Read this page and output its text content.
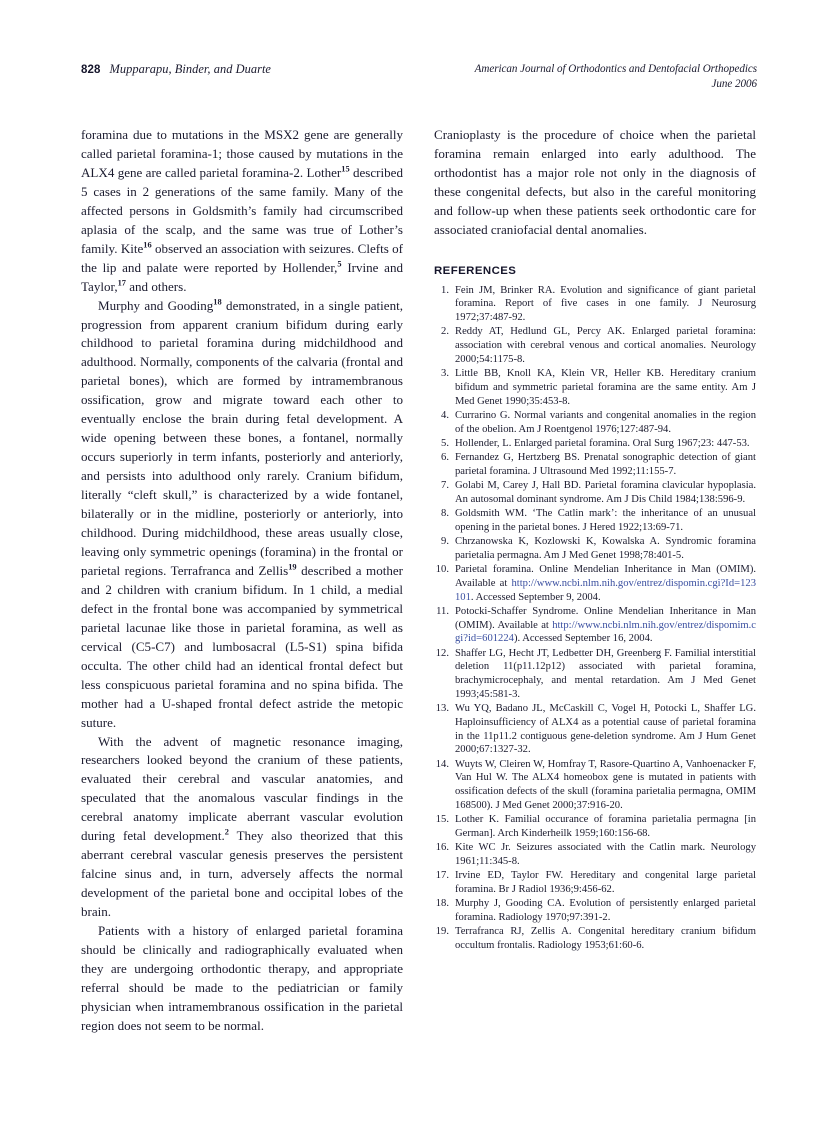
828 Mupparapu, Binder, and Duarte	American Journal of Orthodontics and Dentofacial Orthopedics
June 2006

foramina due to mutations in the MSX2 gene are generally called parietal foramina-1; those caused by mutations in the ALX4 gene are called parietal foramina-2. Lother$^{15}$ described 5 cases in 2 generations of the same family. Many of the affected persons in Goldsmith’s family had circumscribed aplasia of the scalp, and the same was true of Lother’s family. Kite$^{16}$ observed an association with seizures. Clefts of the lip and palate were reported by Hollender,$^5$ Irvine and Taylor,$^{17}$ and others.

Murphy and Gooding$^{18}$ demonstrated, in a single patient, progression from apparent cranium bifidum during early childhood to parietal foramina during midchildhood and adulthood. Normally, components of the calvaria (frontal and parietal bones), which are formed by intramembranous ossification, grow and migrate toward each other to eventually enclose the brain during fetal development. A wide opening between these bones, a fontanel, normally occurs superiorly in term infants, posteriorly and anteriorly, and persists into adulthood only rarely. Cranium bifidum, literally “cleft skull,” is characterized by a wide fontanel, bilaterally or in the midline, posteriorly or anteriorly, into childhood. During midchildhood, these areas usually close, leaving only symmetric openings (foramina) in the frontal or parietal regions. Terrafranca and Zellis$^{19}$ described a mother and 2 children with cranium bifidum. In 1 child, a medial defect in the frontal bone was accompanied by symmetrical parietal lacunae like those in parietal foramina, as well as cervical (C5-C7) and lumbosacral (L5-S1) spina bifida occulta. The other child had an identical frontal defect but less conspicuous parietal foramina and no spina bifida. The mother had a U-shaped frontal defect astride the metopic suture.

With the advent of magnetic resonance imaging, researchers looked beyond the cranium of these patients, evaluated their cerebral and vascular anatomies, and speculated that the anomalous vascular findings in the cerebral anatomy implicate aberrant vascular evolution during fetal development.$^2$ They also theorized that this aberrant cerebral vascular genesis preserves the persistent falcine sinus and, in turn, adversely affects the normal development of the parietal bone and occipital lobes of the brain.

Patients with a history of enlarged parietal foramina should be clinically and radiographically evaluated when they are undergoing orthodontic therapy, and appropriate referral should be made to the pediatrician or family physician when intramembranous ossification in the parietal region does not seem to be normal.

Cranioplasty is the procedure of choice when the parietal foramina remain enlarged into early adulthood. The orthodontist has a major role not only in the diagnosis of these congenital defects, but also in the careful monitoring and follow-up when these patients seek orthodontic care for associated craniofacial dental anomalies.

REFERENCES
Fein JM, Brinker RA. Evolution and significance of giant parietal foramina. Report of five cases in one family. J Neurosurg 1972;37:487-92.
Reddy AT, Hedlund GL, Percy AK. Enlarged parietal foramina: association with cerebral venous and cortical anomalies. Neurology 2000;54:1175-8.
Little BB, Knoll KA, Klein VR, Heller KB. Hereditary cranium bifidum and symmetric parietal foramina are the same entity. Am J Med Genet 1990;35:453-8.
Currarino G. Normal variants and congenital anomalies in the region of the obelion. Am J Roentgenol 1976;127:487-94.
Hollender, L. Enlarged parietal foramina. Oral Surg 1967;23: 447-53.
Fernandez G, Hertzberg BS. Prenatal sonographic detection of giant parietal foramina. J Ultrasound Med 1992;11:155-7.
Golabi M, Carey J, Hall BD. Parietal foramina clavicular hypoplasia. An autosomal dominant syndrome. Am J Dis Child 1984;138:596-9.
Goldsmith WM. ‘The Catlin mark’: the inheritance of an unusual opening in the parietal bones. J Hered 1922;13:69-71.
Chrzanowska K, Kozlowski K, Kowalska A. Syndromic foramina parietalia permagna. Am J Med Genet 1998;78:401-5.
Parietal foramina. Online Mendelian Inheritance in Man (OMIM). Available at http://www.ncbi.nlm.nih.gov/entrez/dispomin.cgi?Id=123101. Accessed September 9, 2004.
Potocki-Schaffer Syndrome. Online Mendelian Inheritance in Man (OMIM). Available at http://www.ncbi.nlm.nih.gov/entrez/dispomim.cgi?id=601224). Accessed September 16, 2004.
Shaffer LG, Hecht JT, Ledbetter DH, Greenberg F. Familial interstitial deletion 11(p11.12p12) associated with parietal foramina, brachymicrocephaly, and mental retardation. Am J Med Genet 1993;45:581-3.
Wu YQ, Badano JL, McCaskill C, Vogel H, Potocki L, Shaffer LG. Haploinsufficiency of ALX4 as a potential cause of parietal foramina in the 11p11.2 contiguous gene-deletion syndrome. Am J Hum Genet 2000;67:1327-32.
Wuyts W, Cleiren W, Homfray T, Rasore-Quartino A, Vanhoenacker F, Van Hul W. The ALX4 homeobox gene is mutated in patients with ossification defects of the skull (foramina parietalia permagna, OMIM 168500). J Med Genet 2000;37:916-20.
Lother K. Familial occurance of foramina parietalia permagna [in German]. Arch Kinderheilk 1959;160:156-68.
Kite WC Jr. Seizures associated with the Catlin mark. Neurology 1961;11:345-8.
Irvine ED, Taylor FW. Hereditary and congenital large parietal foramina. Br J Radiol 1936;9:456-62.
Murphy J, Gooding CA. Evolution of persistently enlarged parietal foramina. Radiology 1970;97:391-2.
Terrafranca RJ, Zellis A. Congenital hereditary cranium bifidum occultum frontalis. Radiology 1953;61:60-6.
